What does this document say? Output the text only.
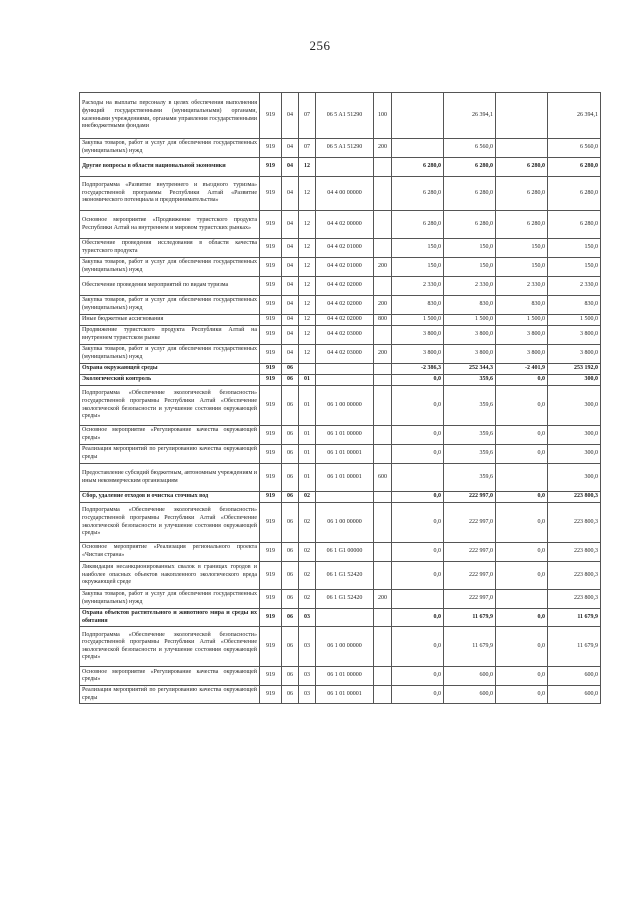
256
Расходы на выплаты персоналу в целях обеспечения выполнения функций государственными (муниципальными) органами, казенными учреждениями, органами управления государственными внебюджетными фондами	919	04	07	06 5 A1 51290	100		26 394,1		26 394,1
Закупка товаров, работ и услуг для обеспечения государственных (муниципальных) нужд	919	04	07	06 5 A1 51290	200		6 560,0		6 560,0
Другие вопросы в области национальной экономики	919	04	12			6 280,0	6 280,0	6 280,0	6 280,0
Подпрограмма «Развитие внутреннего и въездного туризма» государственной программы Республики Алтай «Развитие экономического потенциала и предпринимательства»	919	04	12	04 4 00 00000		6 280,0	6 280,0	6 280,0	6 280,0
Основное мероприятие «Продвижение туристского продукта Республики Алтай на внутреннем и мировом туристских рынках»	919	04	12	04 4 02 00000		6 280,0	6 280,0	6 280,0	6 280,0
Обеспечение проведения исследования в области качества туристского продукта	919	04	12	04 4 02 01000		150,0	150,0	150,0	150,0
Закупка товаров, работ и услуг для обеспечения государственных (муниципальных) нужд	919	04	12	04 4 02 01000	200	150,0	150,0	150,0	150,0
Обеспечение проведения мероприятий по видам туризма	919	04	12	04 4 02 02000		2 330,0	2 330,0	2 330,0	2 330,0
Закупка товаров, работ и услуг для обеспечения государственных (муниципальных) нужд	919	04	12	04 4 02 02000	200	830,0	830,0	830,0	830,0
Иные бюджетные ассигнования	919	04	12	04 4 02 02000	800	1 500,0	1 500,0	1 500,0	1 500,0
Продвижение туристского продукта Республики Алтай на внутреннем туристском рынке	919	04	12	04 4 02 03000		3 800,0	3 800,0	3 800,0	3 800,0
Закупка товаров, работ и услуг для обеспечения государственных (муниципальных) нужд	919	04	12	04 4 02 03000	200	3 800,0	3 800,0	3 800,0	3 800,0
Охрана окружающей среды	919	06				-2 386,3	252 344,3	-2 401,9	253 192,0
Экологический контроль	919	06	01			0,0	359,6	0,0	300,0
Подпрограмма «Обеспечение экологической безопасности» государственной программы Республики Алтай «Обеспечение экологической безопасности и улучшение состояния окружающей среды»	919	06	01	06 1 00 00000		0,0	359,6	0,0	300,0
Основное мероприятие «Регулирование качества окружающей среды»	919	06	01	06 1 01 00000		0,0	359,6	0,0	300,0
Реализация мероприятий по регулированию качества окружающей среды	919	06	01	06 1 01 00001		0,0	359,6	0,0	300,0
Предоставление субсидий бюджетным, автономным учреждениям и иным некоммерческим организациям	919	06	01	06 1 01 00001	600		359,6		300,0
Сбор, удаление отходов и очистка сточных вод	919	06	02			0,0	222 997,0	0,0	223 800,3
Подпрограмма «Обеспечение экологической безопасности» государственной программы Республики Алтай «Обеспечение экологической безопасности и улучшение состояния окружающей среды»	919	06	02	06 1 00 00000		0,0	222 997,0	0,0	223 800,3
Основное мероприятие «Реализация регионального проекта «Чистая страна»	919	06	02	06 1 G1 00000		0,0	222 997,0	0,0	223 800,3
Ликвидация несанкционированных свалок в границах городов и наиболее опасных объектов накопленного экологического вреда окружающей среде	919	06	02	06 1 G1 52420		0,0	222 997,0	0,0	223 800,3
Закупка товаров, работ и услуг для обеспечения государственных (муниципальных) нужд	919	06	02	06 1 G1 52420	200		222 997,0		223 800,3
Охрана объектов растительного и животного мира и среды их обитания	919	06	03			0,0	11 679,9	0,0	11 679,9
Подпрограмма «Обеспечение экологической безопасности» государственной программы Республики Алтай «Обеспечение экологической безопасности и улучшение состояния окружающей среды»	919	06	03	06 1 00 00000		0,0	11 679,9	0,0	11 679,9
Основное мероприятие «Регулирование качества окружающей среды»	919	06	03	06 1 01 00000		0,0	600,0	0,0	600,0
Реализация мероприятий по регулированию качества окружающей среды	919	06	03	06 1 01 00001		0,0	600,0	0,0	600,0
